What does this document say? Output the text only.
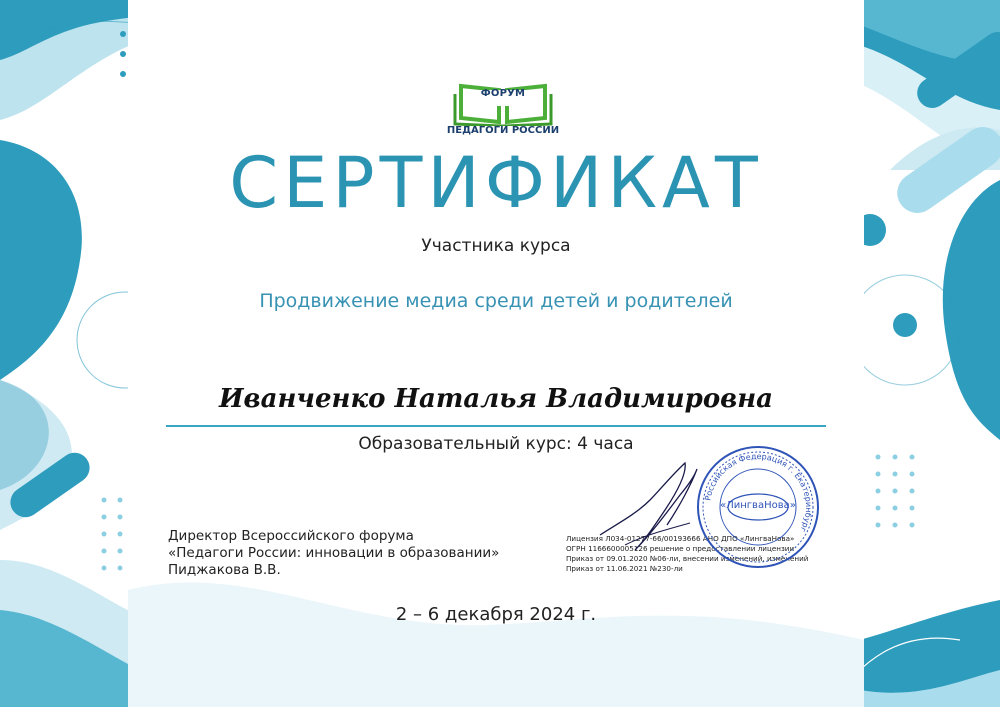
ФОРУМ
ПЕДАГОГИ РОССИИ
СЕРТИФИКАТ
Участника курса
Продвижение медиа среди детей и родителей
Иванченко Наталья Владимировна
Образовательный курс: 4 часа
Директор Всероссийского форума
«Педагоги России: инновации в образовании»
Пиджакова В.В.
Лицензия Л034-01277-66/00193666 АНО ДПО «ЛингваНова»
ОГРН 1166600005126 решение о предоставлении лицензии
Приказ от 09.01.2020 №06-ли, внесении изменений, изменений
Приказ от 11.06.2021 №230-ли
Российская Федерация г. Екатеринбург
«ЛингваНова»
2 – 6 декабря 2024 г.
